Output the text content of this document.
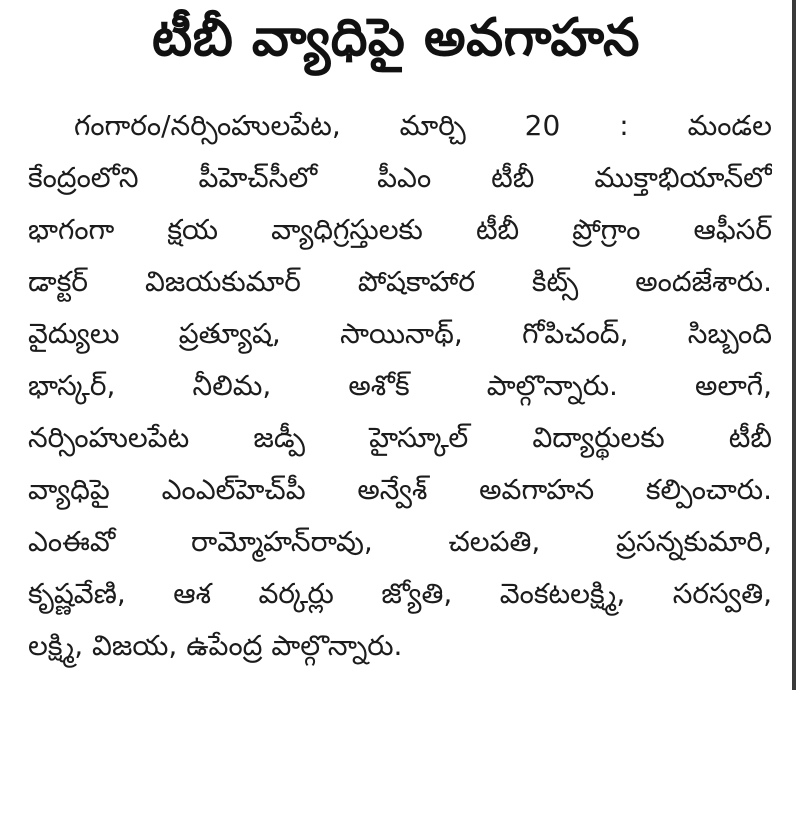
టీబీ వ్యాధిపై అవగాహన
గంగారం/నర్సింహులపేట, మార్చి 20 : మండల
కేంద్రంలోని పీహెచ్‌సీలో పీఎం టీబీ ముక్తాభియాన్‌లో
భాగంగా క్షయ వ్యాధిగ్రస్తులకు టీబీ ప్రోగ్రాం ఆఫీసర్
డాక్టర్ విజయకుమార్ పోషకాహార కిట్స్ అందజేశారు.
వైద్యులు ప్రత్యూష, సాయినాథ్, గోపిచంద్, సిబ్బంది
భాస్కర్, నీలిమ, అశోక్ పాల్గొన్నారు. అలాగే,
నర్సింహులపేట జడ్పీ హైస్కూల్ విద్యార్థులకు టీబీ
వ్యాధిపై ఎంఎల్‌హెచ్‌పీ అన్వేశ్ అవగాహన కల్పించారు.
ఎంఈవో రామ్మోహన్‌రావు, చలపతి, ప్రసన్నకుమారి,
కృష్ణవేణి, ఆశ వర్కర్లు జ్యోతి, వెంకటలక్ష్మి, సరస్వతి,
లక్ష్మి, విజయ, ఉపేంద్ర పాల్గొన్నారు.
